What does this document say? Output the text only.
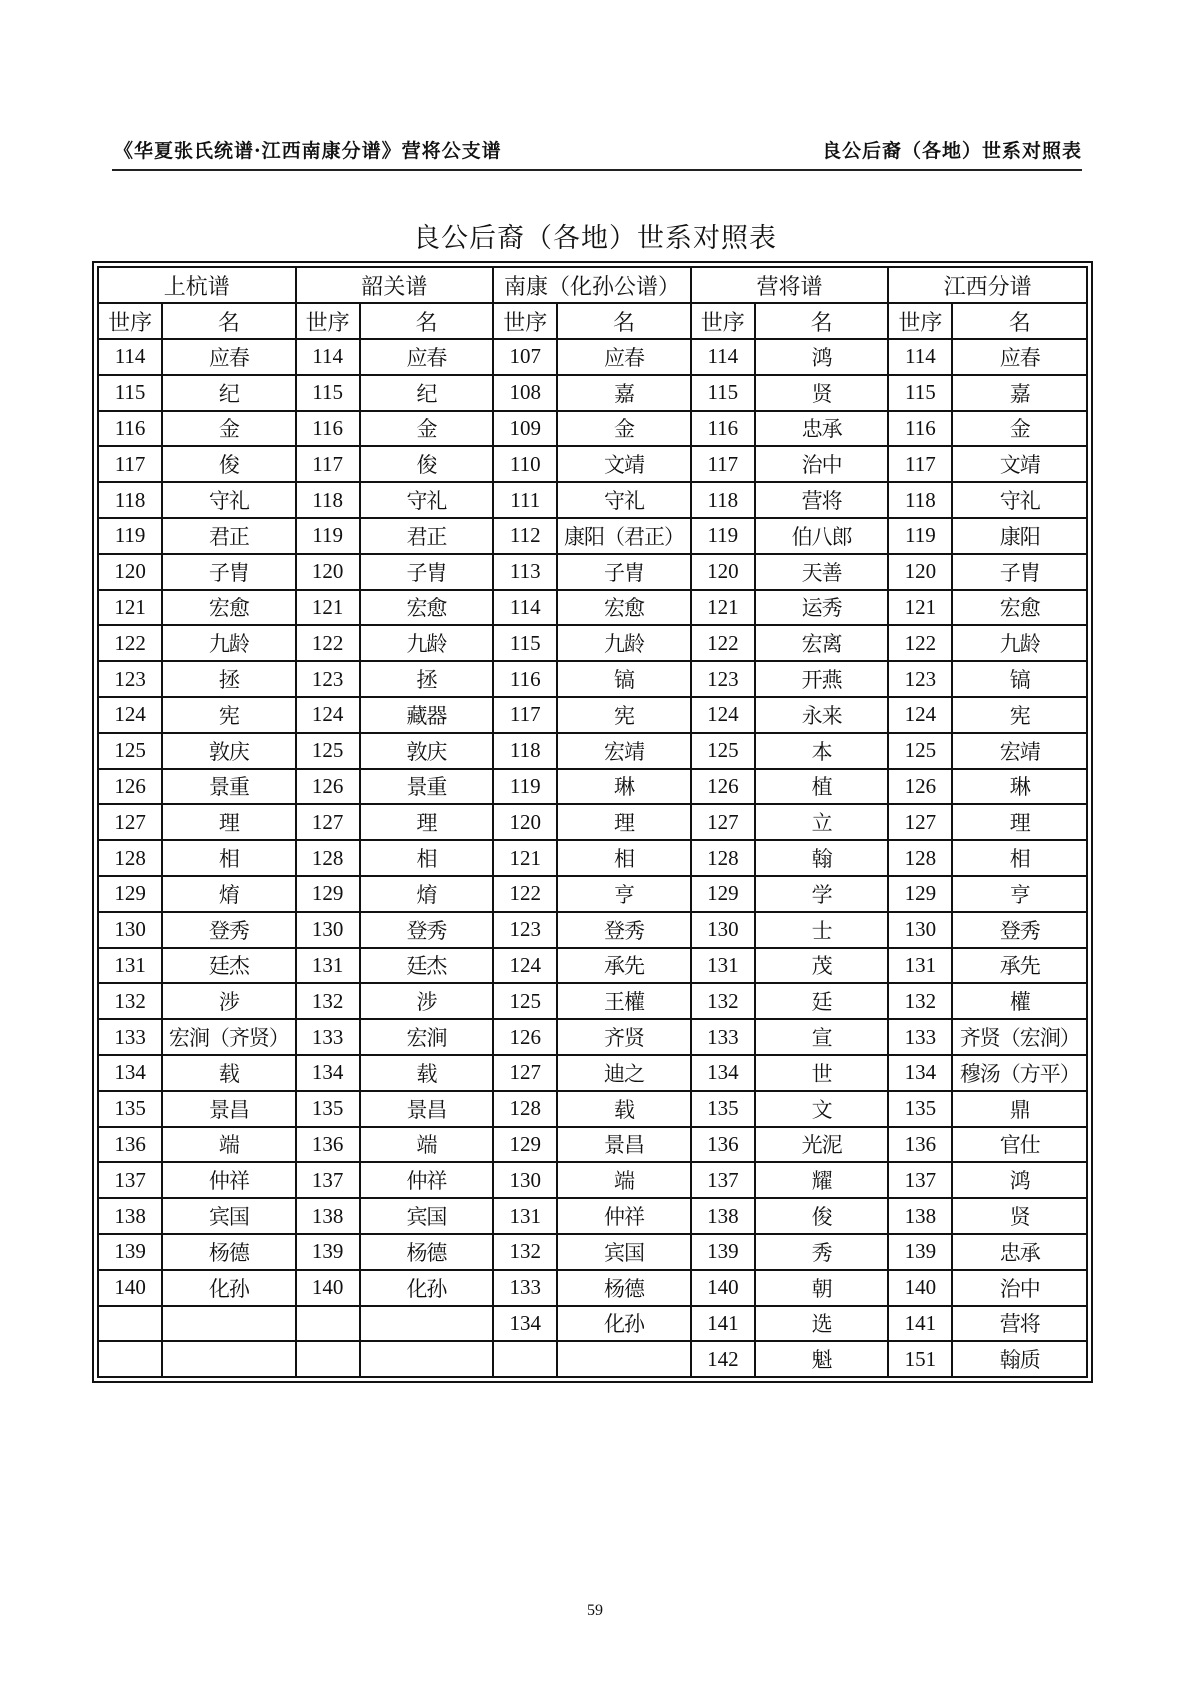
《华夏张氏统谱·江西南康分谱》营将公支谱	良公后裔（各地）世系对照表
良公后裔（各地）世系对照表
上杭谱		韶关谱		南康（化孙公谱）		营将谱		江西分谱	
世序	名	世序	名	世序	名	世序	名	世序	名
114	应春	114	应春	107	应春	114	鸿	114	应春
115	纪	115	纪	108	嘉	115	贤	115	嘉
116	金	116	金	109	金	116	忠承	116	金
117	俊	117	俊	110	文靖	117	治中	117	文靖
118	守礼	118	守礼	111	守礼	118	营将	118	守礼
119	君正	119	君正	112	康阳（君正）	119	伯八郎	119	康阳
120	子胄	120	子胄	113	子胄	120	天善	120	子胄
121	宏愈	121	宏愈	114	宏愈	121	运秀	121	宏愈
122	九龄	122	九龄	115	九龄	122	宏离	122	九龄
123	拯	123	拯	116	镐	123	开燕	123	镐
124	宪	124	藏器	117	宪	124	永来	124	宪
125	敦庆	125	敦庆	118	宏靖	125	本	125	宏靖
126	景重	126	景重	119	琳	126	植	126	琳
127	理	127	理	120	理	127	立	127	理
128	相	128	相	121	相	128	翰	128	相
129	焴	129	焴	122	亨	129	学	129	亨
130	登秀	130	登秀	123	登秀	130	士	130	登秀
131	廷杰	131	廷杰	124	承先	131	茂	131	承先
132	涉	132	涉	125	王權	132	廷	132	權
133	宏涧（齐贤）	133	宏涧	126	齐贤	133	宣	133	齐贤（宏涧）
134	载	134	载	127	迪之	134	世	134	穆汤（方平）
135	景昌	135	景昌	128	载	135	文	135	鼎
136	端	136	端	129	景昌	136	光泥	136	官仕
137	仲祥	137	仲祥	130	端	137	耀	137	鸿
138	宾国	138	宾国	131	仲祥	138	俊	138	贤
139	杨德	139	杨德	132	宾国	139	秀	139	忠承
140	化孙	140	化孙	133	杨德	140	朝	140	治中
				134	化孙	141	选	141	营将
						142	魁	151	翰质
59
